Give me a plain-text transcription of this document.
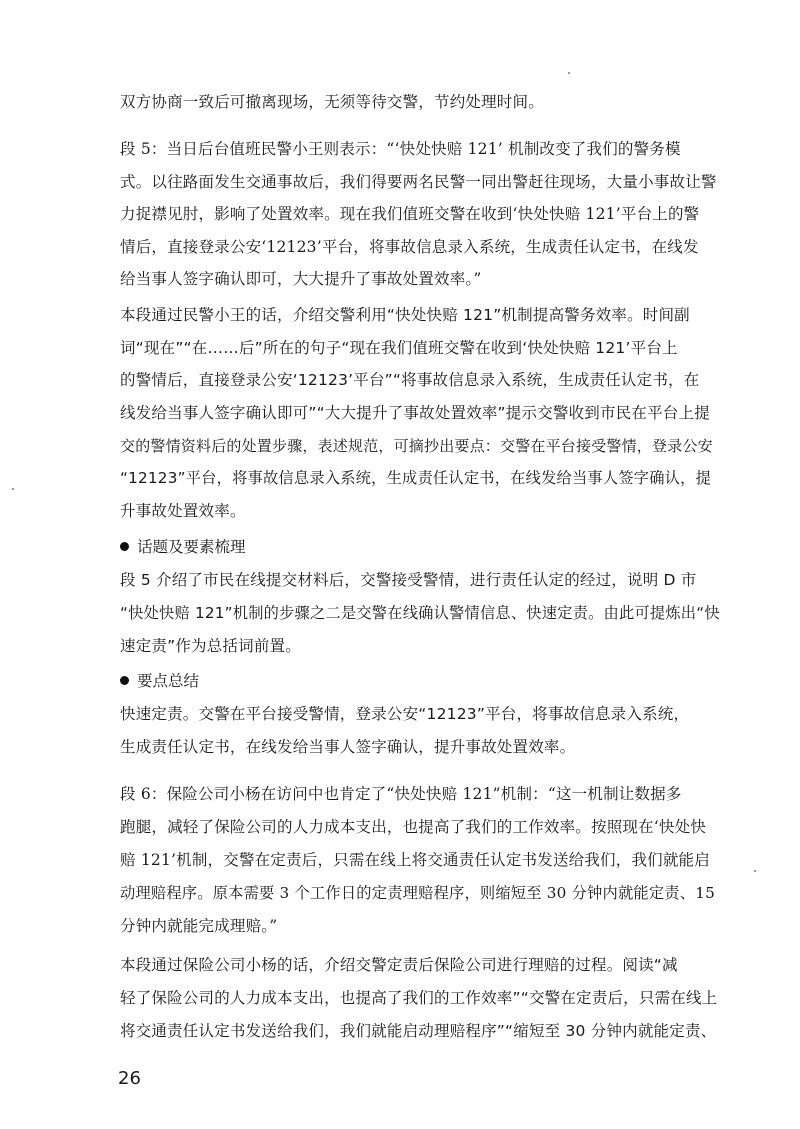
双方协商一致后可撤离现场，无须等待交警，节约处理时间。
段 5：当日后台值班民警小王则表示：“‘快处快赔 121’ 机制改变了我们的警务模
式。以往路面发生交通事故后，我们得要两名民警一同出警赶往现场，大量小事故让警
力捉襟见肘，影响了处置效率。现在我们值班交警在收到‘快处快赔 121’平台上的警
情后，直接登录公安‘12123’平台，将事故信息录入系统，生成责任认定书，在线发
给当事人签字确认即可，大大提升了事故处置效率。”
本段通过民警小王的话，介绍交警利用“快处快赔 121”机制提高警务效率。时间副
词“现在”“在……后”所在的句子“现在我们值班交警在收到‘快处快赔 121’平台上
的警情后，直接登录公安‘12123’平台”“将事故信息录入系统，生成责任认定书，在
线发给当事人签字确认即可”“大大提升了事故处置效率”提示交警收到市民在平台上提
交的警情资料后的处置步骤，表述规范，可摘抄出要点：交警在平台接受警情，登录公安
“12123”平台，将事故信息录入系统，生成责任认定书，在线发给当事人签字确认，提
升事故处置效率。
话题及要素梳理
段 5 介绍了市民在线提交材料后，交警接受警情，进行责任认定的经过，说明 D 市
“快处快赔 121”机制的步骤之二是交警在线确认警情信息、快速定责。由此可提炼出“快
速定责”作为总括词前置。
要点总结
快速定责。交警在平台接受警情，登录公安“12123”平台，将事故信息录入系统，
生成责任认定书，在线发给当事人签字确认，提升事故处置效率。
段 6：保险公司小杨在访问中也肯定了“快处快赔 121”机制：“这一机制让数据多
跑腿，减轻了保险公司的人力成本支出，也提高了我们的工作效率。按照现在‘快处快
赔 121’机制，交警在定责后，只需在线上将交通责任认定书发送给我们，我们就能启
动理赔程序。原本需要 3 个工作日的定责理赔程序，则缩短至 30 分钟内就能定责、15
分钟内就能完成理赔。”
本段通过保险公司小杨的话，介绍交警定责后保险公司进行理赔的过程。阅读“减
轻了保险公司的人力成本支出，也提高了我们的工作效率”“交警在定责后，只需在线上
将交通责任认定书发送给我们，我们就能启动理赔程序”“缩短至 30 分钟内就能定责、
26
